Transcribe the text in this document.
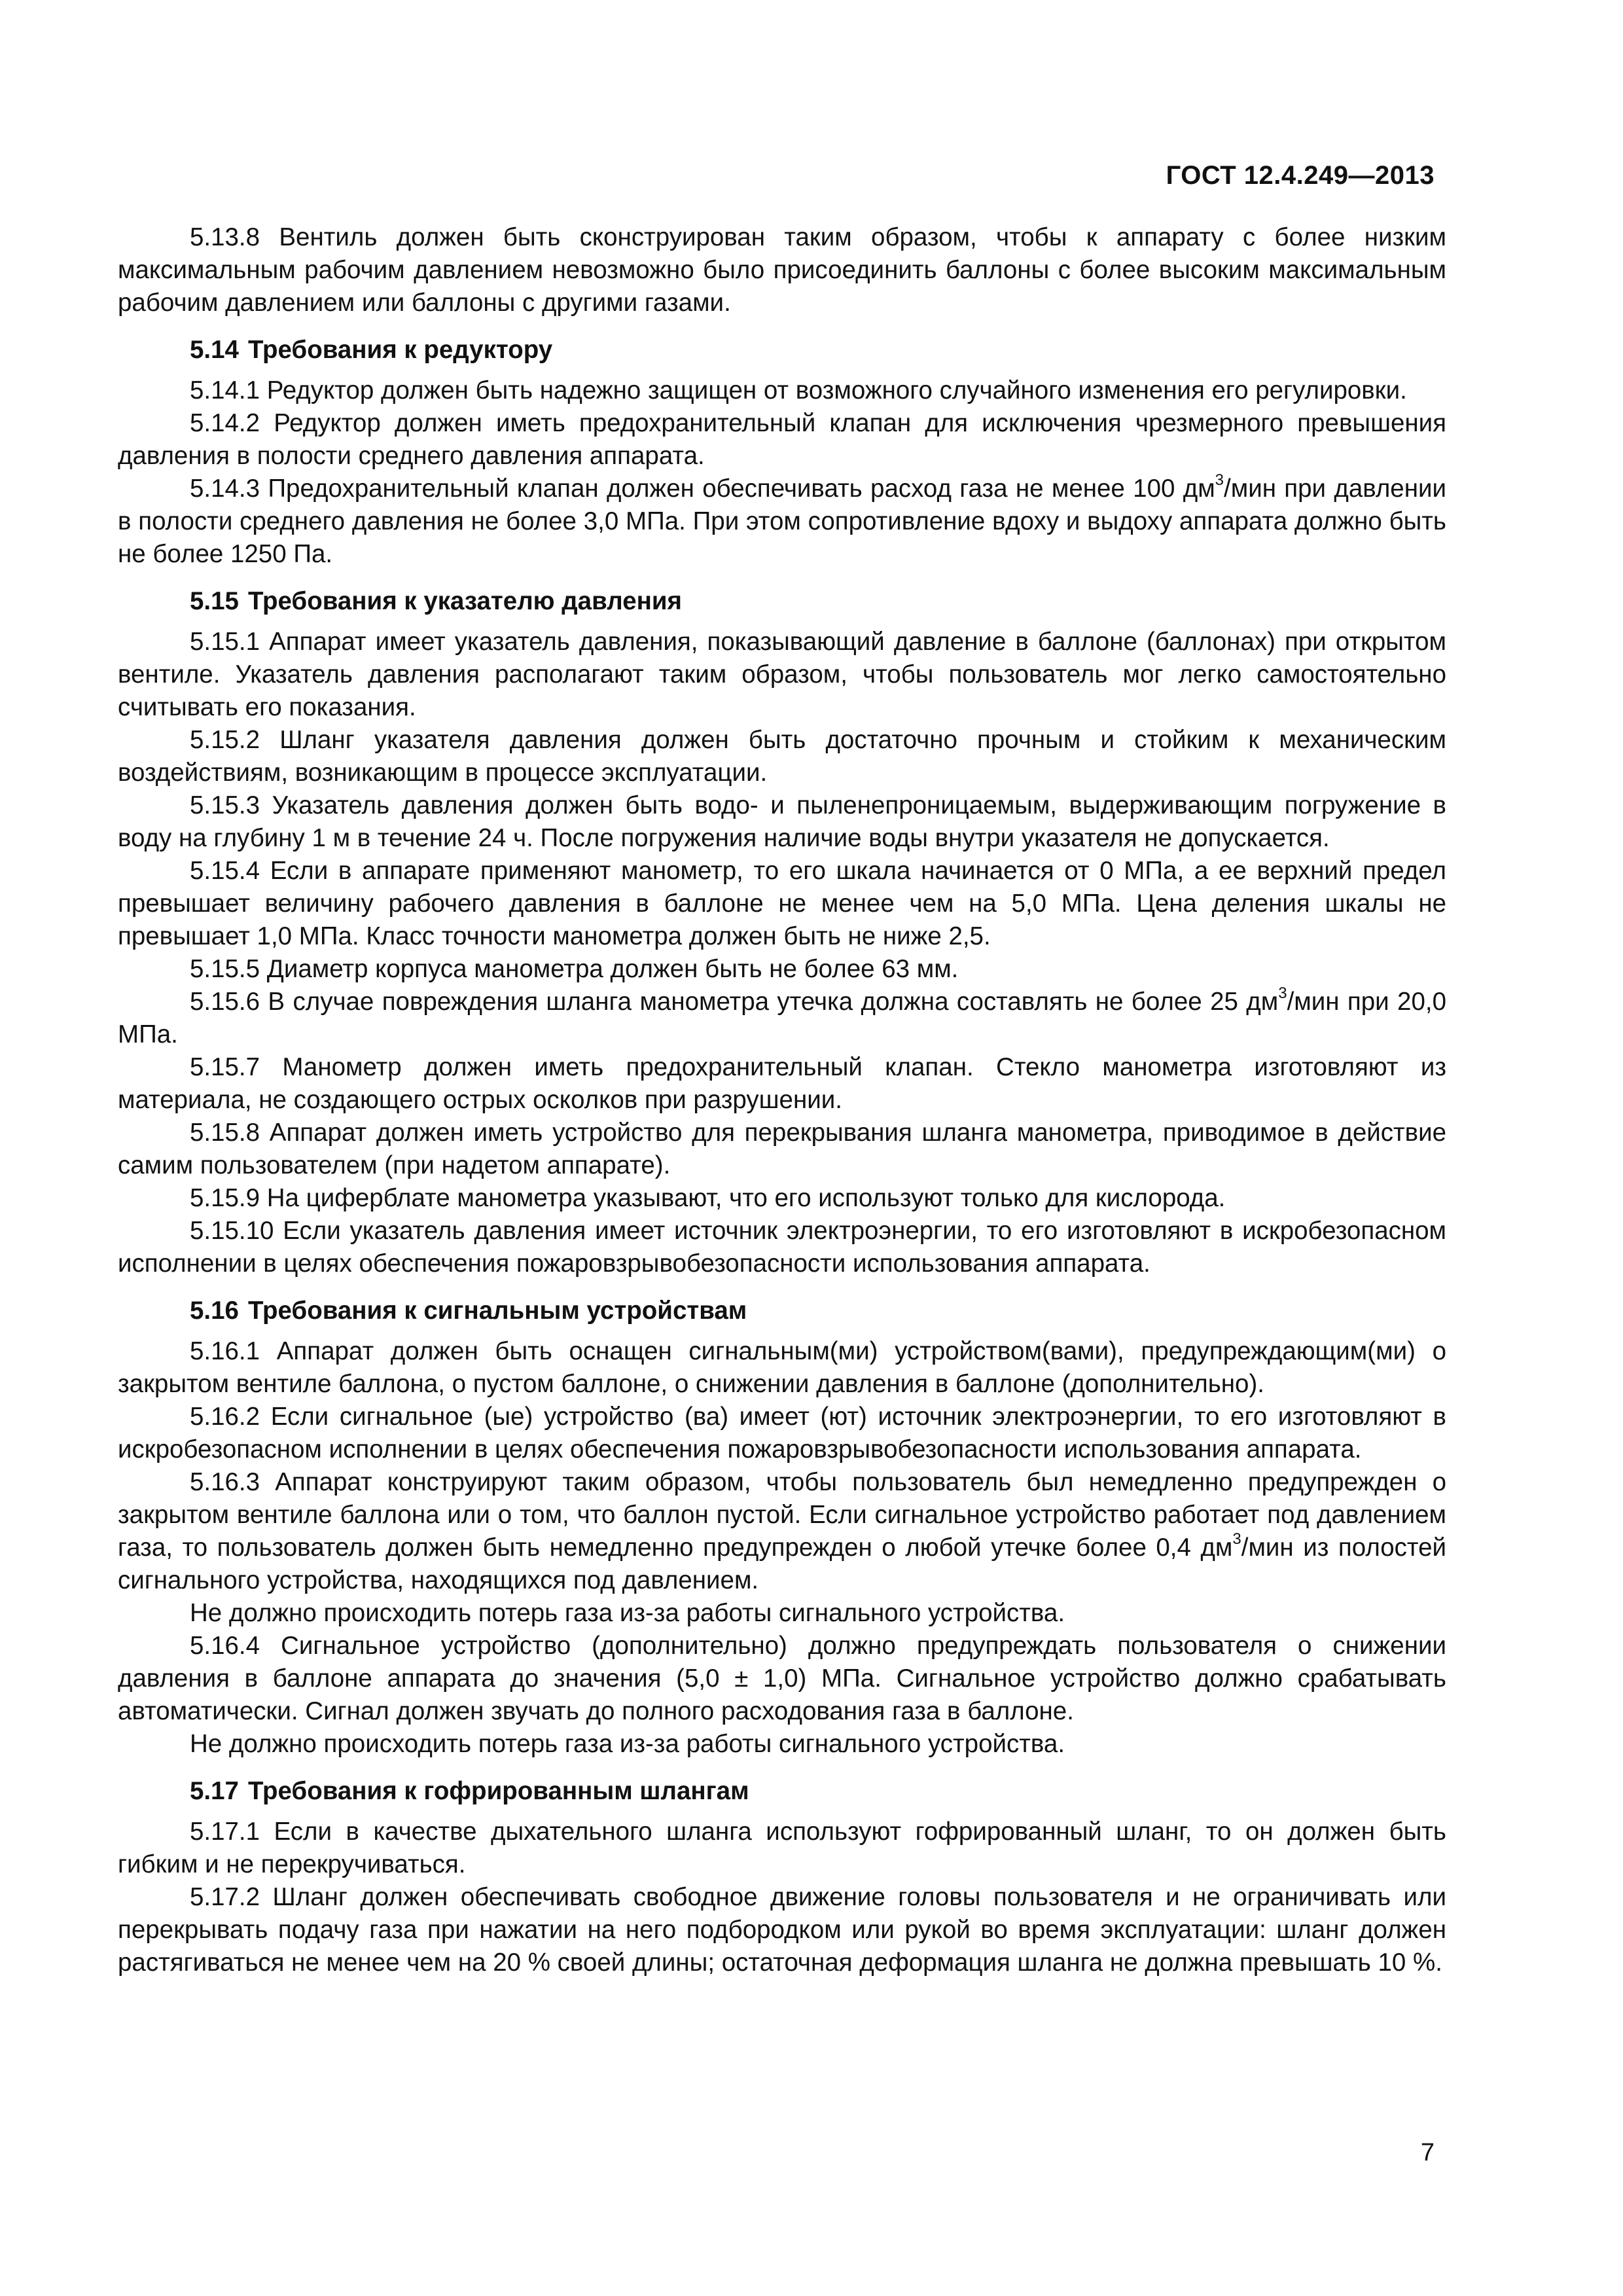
ГОСТ 12.4.249—2013

5.13.8 Вентиль должен быть сконструирован таким образом, чтобы к аппарату с более низким максимальным рабочим давлением невозможно было присоединить баллоны с более высоким максимальным рабочим давлением или баллоны с другими газами.

5.14 Требования к редуктору

5.14.1 Редуктор должен быть надежно защищен от возможного случайного изменения его регулировки.

5.14.2 Редуктор должен иметь предохранительный клапан для исключения чрезмерного превышения давления в полости среднего давления аппарата.

5.14.3 Предохранительный клапан должен обеспечивать расход газа не менее 100 $дм^3$/мин при давлении в полости среднего давления не более 3,0 МПа. При этом сопротивление вдоху и выдоху аппарата должно быть не более 1250 Па.

5.15 Требования к указателю давления

5.15.1 Аппарат имеет указатель давления, показывающий давление в баллоне (баллонах) при открытом вентиле. Указатель давления располагают таким образом, чтобы пользователь мог легко самостоятельно считывать его показания.

5.15.2 Шланг указателя давления должен быть достаточно прочным и стойким к механическим воздействиям, возникающим в процессе эксплуатации.

5.15.3 Указатель давления должен быть водо- и пыленепроницаемым, выдерживающим погружение в воду на глубину 1 м в течение 24 ч. После погружения наличие воды внутри указателя не допускается.

5.15.4 Если в аппарате применяют манометр, то его шкала начинается от 0 МПа, а ее верхний предел превышает величину рабочего давления в баллоне не менее чем на 5,0 МПа. Цена деления шкалы не превышает 1,0 МПа. Класс точности манометра должен быть не ниже 2,5.

5.15.5 Диаметр корпуса манометра должен быть не более 63 мм.

5.15.6 В случае повреждения шланга манометра утечка должна составлять не более 25 $дм^3$/мин при 20,0 МПа.

5.15.7 Манометр должен иметь предохранительный клапан. Стекло манометра изготовляют из материала, не создающего острых осколков при разрушении.

5.15.8 Аппарат должен иметь устройство для перекрывания шланга манометра, приводимое в действие самим пользователем (при надетом аппарате).

5.15.9 На циферблате манометра указывают, что его используют только для кислорода.

5.15.10 Если указатель давления имеет источник электроэнергии, то его изготовляют в искробезопасном исполнении в целях обеспечения пожаровзрывобезопасности использования аппарата.

5.16 Требования к сигнальным устройствам

5.16.1 Аппарат должен быть оснащен сигнальным(ми) устройством(вами), предупреждающим(ми) о закрытом вентиле баллона, о пустом баллоне, о снижении давления в баллоне (дополнительно).

5.16.2 Если сигнальное (ые) устройство (ва) имеет (ют) источник электроэнергии, то его изготовляют в искробезопасном исполнении в целях обеспечения пожаровзрывобезопасности использования аппарата.

5.16.3 Аппарат конструируют таким образом, чтобы пользователь был немедленно предупрежден о закрытом вентиле баллона или о том, что баллон пустой. Если сигнальное устройство работает под давлением газа, то пользователь должен быть немедленно предупрежден о любой утечке более 0,4 $дм^3$/мин из полостей сигнального устройства, находящихся под давлением.

Не должно происходить потерь газа из-за работы сигнального устройства.

5.16.4 Сигнальное устройство (дополнительно) должно предупреждать пользователя о снижении давления в баллоне аппарата до значения (5,0 ± 1,0) МПа. Сигнальное устройство должно срабатывать автоматически. Сигнал должен звучать до полного расходования газа в баллоне.

Не должно происходить потерь газа из-за работы сигнального устройства.

5.17 Требования к гофрированным шлангам

5.17.1 Если в качестве дыхательного шланга используют гофрированный шланг, то он должен быть гибким и не перекручиваться.

5.17.2 Шланг должен обеспечивать свободное движение головы пользователя и не ограничивать или перекрывать подачу газа при нажатии на него подбородком или рукой во время эксплуатации: шланг должен растягиваться не менее чем на 20 % своей длины; остаточная деформация шланга не должна превышать 10 %.

7
